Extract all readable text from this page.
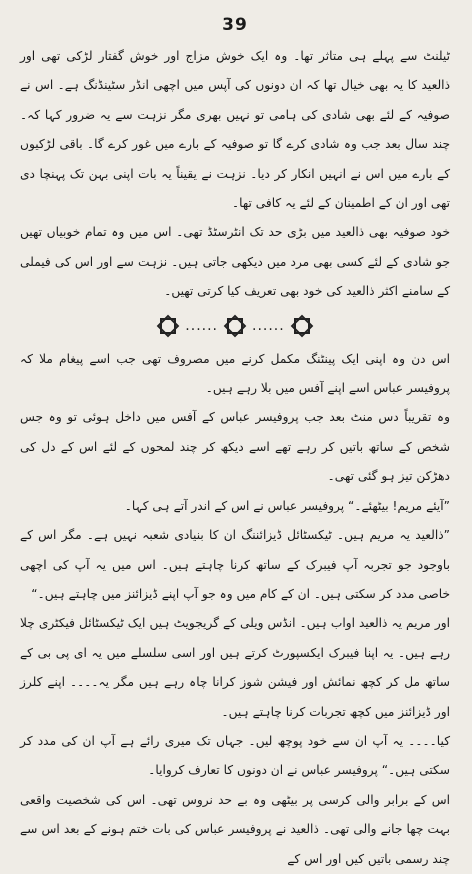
39

ٹیلنٹ سے پہلے ہی متاثر تھا۔ وہ ایک خوش مزاج اور خوش گفتار لڑکی تھی اور ذالعید کا یہ بھی خیال تھا کہ ان دونوں کی آپس میں اچھی انڈر سٹینڈنگ ہے۔ اس نے صوفیہ کے لئے بھی شادی کی ہامی تو نہیں بھری مگر نزہت سے یہ ضرور کہا کہ۔ چند سال بعد جب وہ شادی کرے گا تو صوفیہ کے بارے میں غور کرے گا۔ باقی لڑکیوں کے بارے میں اس نے انہیں انکار کر دیا۔ نزہت نے یقیناً یہ بات اپنی بہن تک پہنچا دی تھی اور ان کے اطمینان کے لئے یہ کافی تھا۔

خود صوفیہ بھی ذالعید میں بڑی حد تک انٹرسٹڈ تھی۔ اس میں وہ تمام خوبیاں تھیں جو شادی کے لئے کسی بھی مرد میں دیکھی جاتی ہیں۔ نزہت سے اور اس کی فیملی کے سامنے اکثر ذالعید کی خود بھی تعریف کیا کرتی تھیں۔

...... ......

اس دن وہ اپنی ایک پینٹنگ مکمل کرنے میں مصروف تھی جب اسے پیغام ملا کہ پروفیسر عباس اسے اپنے آفس میں بلا رہے ہیں۔

وہ تقریباً دس منٹ بعد جب پروفیسر عباس کے آفس میں داخل ہوئی تو وہ جس شخص کے ساتھ باتیں کر رہے تھے اسے دیکھ کر چند لمحوں کے لئے اس کے دل کی دھڑکن تیز ہو گئی تھی۔

”آیئے مریم! بیٹھئے۔“ پروفیسر عباس نے اس کے اندر آتے ہی کہا۔

”ذالعید یہ مریم ہیں۔ ٹیکسٹائل ڈیزائننگ ان کا بنیادی شعبہ نہیں ہے۔ مگر اس کے باوجود جو تجربہ آپ فیبرک کے ساتھ کرنا چاہتے ہیں۔ اس میں یہ آپ کی اچھی خاصی مدد کر سکتی ہیں۔ ان کے کام میں وہ جو آپ اپنے ڈیزائنز میں چاہتے ہیں۔“

اور مریم یہ ذالعید اواب ہیں۔ انڈس ویلی کے گریجویٹ ہیں ایک ٹیکسٹائل فیکٹری چلا رہے ہیں۔ یہ اپنا فیبرک ایکسپورٹ کرتے ہیں اور اسی سلسلے میں یہ ای پی بی کے ساتھ مل کر کچھ نمائش اور فیشن شوز کرانا چاہ رہے ہیں مگر یہ۔۔۔۔ اپنے کلرز اور ڈیزائنز میں کچھ تجربات کرنا چاہتے ہیں۔

کیا۔۔۔۔ یہ آپ ان سے خود پوچھ لیں۔ جہاں تک میری رائے ہے آپ ان کی مدد کر سکتی ہیں۔“ پروفیسر عباس نے ان دونوں کا تعارف کروایا۔

اس کے برابر والی کرسی پر بیٹھی وہ بے حد نروس تھی۔ اس کی شخصیت واقعی بہت چھا جانے والی تھی۔ ذالعید نے پروفیسر عباس کی بات ختم ہونے کے بعد اس سے چند رسمی باتیں کیں اور اس کے
